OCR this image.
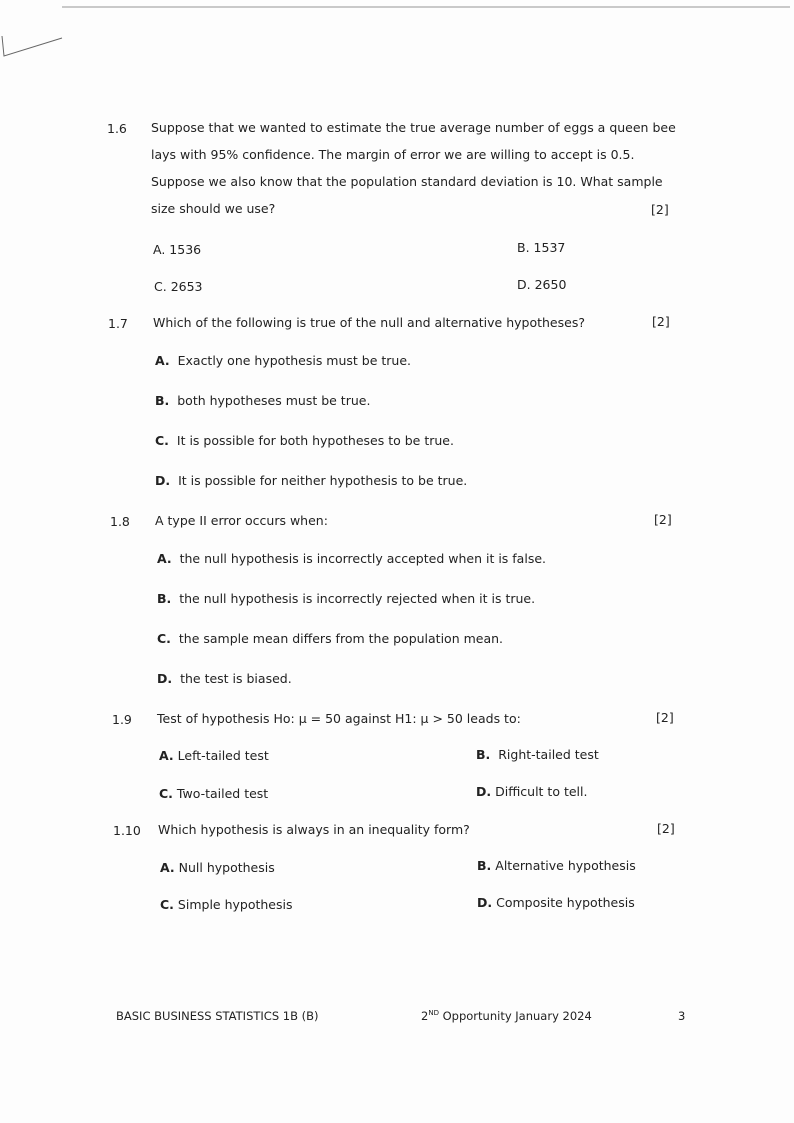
1.6 Suppose that we wanted to estimate the true average number of eggs a queen bee lays with 95% confidence. The margin of error we are willing to accept is 0.5. Suppose we also know that the population standard deviation is 10. What sample size should we use?	[2]
A. 1536	B. 1537
C. 2653	D. 2650
1.7 Which of the following is true of the null and alternative hypotheses?	[2]
A. Exactly one hypothesis must be true.
B. both hypotheses must be true.
C. It is possible for both hypotheses to be true.
D. It is possible for neither hypothesis to be true.
1.8 A type II error occurs when:	[2]
A. the null hypothesis is incorrectly accepted when it is false.
B. the null hypothesis is incorrectly rejected when it is true.
C. the sample mean differs from the population mean.
D. the test is biased.
1.9 Test of hypothesis Ho: μ = 50 against H1: μ > 50 leads to:	[2]
A. Left-tailed test	B. Right-tailed test
C. Two-tailed test	D. Difficult to tell.
1.10 Which hypothesis is always in an inequality form?	[2]
A. Null hypothesis	B. Alternative hypothesis
C. Simple hypothesis	D. Composite hypothesis
BASIC BUSINESS STATISTICS 1B (B)	2ND Opportunity January 2024	3
